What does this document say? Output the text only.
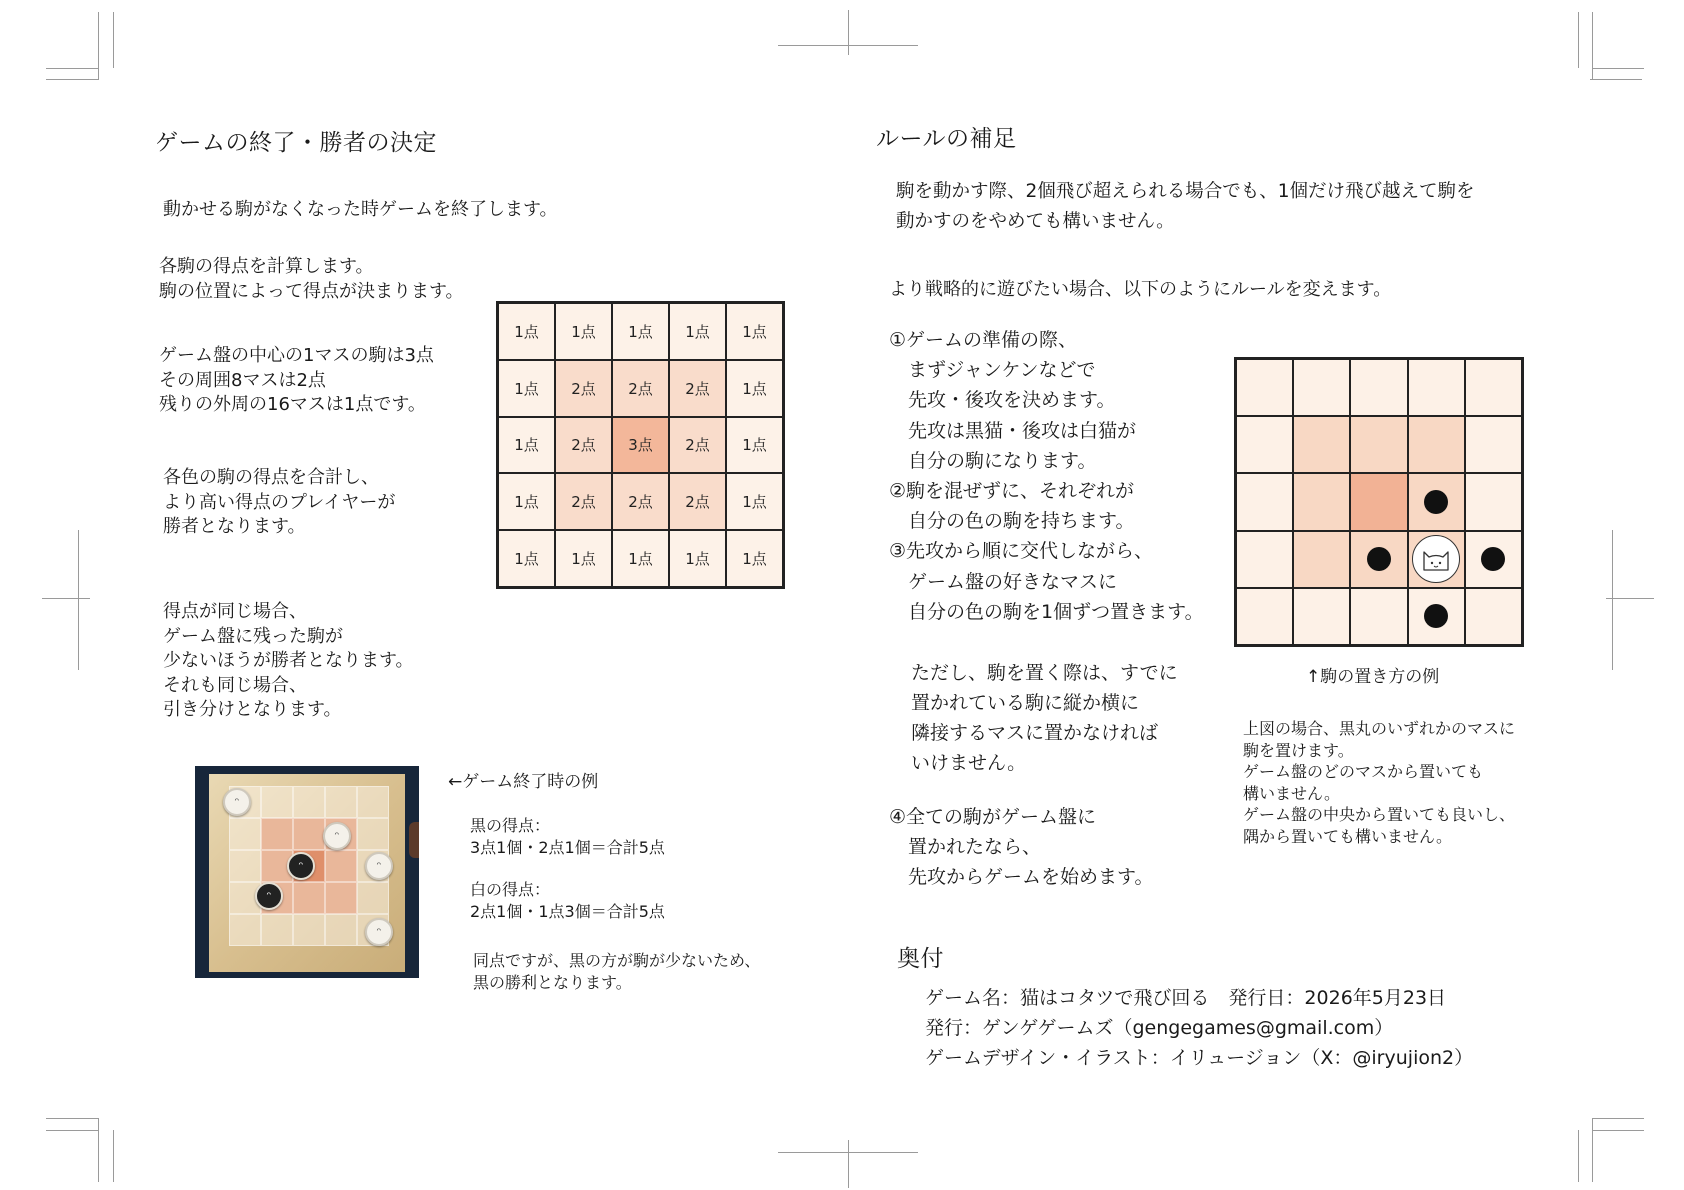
ゲームの終了・勝者の決定
動かせる駒がなくなった時ゲームを終了します。
各駒の得点を計算します。
駒の位置によって得点が決まります。
ゲーム盤の中心の1マスの駒は3点
その周囲8マスは2点
残りの外周の16マスは1点です。
各色の駒の得点を合計し、
より高い得点のプレイヤーが
勝者となります。
得点が同じ場合、
ゲーム盤に残った駒が
少ないほうが勝者となります。
それも同じ場合、
引き分けとなります。
1点	1点	1点	1点	1点
1点	2点	2点	2点	1点
1点	2点	3点	2点	1点
1点	2点	2点	2点	1点
1点	1点	1点	1点	1点
ᵔ
ᵔ
ᵔ	ᵔ
ᵔ
ᵔ
←ゲーム終了時の例
黒の得点：
3点1個・2点1個＝合計5点
白の得点：
2点1個・1点3個＝合計5点
同点ですが、黒の方が駒が少ないため、
黒の勝利となります。
ルールの補足
駒を動かす際、2個飛び超えられる場合でも、1個だけ飛び越えて駒を
動かすのをやめても構いません。
より戦略的に遊びたい場合、以下のようにルールを変えます。
①ゲームの準備の際、
　まずジャンケンなどで
　先攻・後攻を決めます。
　先攻は黒猫・後攻は白猫が
　自分の駒になります。
②駒を混ぜずに、それぞれが
　自分の色の駒を持ちます。
③先攻から順に交代しながら、
　ゲーム盤の好きなマスに
　自分の色の駒を1個ずつ置きます。
ただし、駒を置く際は、すでに
置かれている駒に縦か横に
隣接するマスに置かなければ
いけません。
④全ての駒がゲーム盤に
　置かれたなら、
　先攻からゲームを始めます。
↑駒の置き方の例
上図の場合、黒丸のいずれかのマスに
駒を置けます。
ゲーム盤のどのマスから置いても
構いません。
ゲーム盤の中央から置いても良いし、
隅から置いても構いません。
奥付
ゲーム名：猫はコタツで飛び回る　発行日：2026年5月23日
発行：ゲンゲゲームズ（gengegames@gmail.com）
ゲームデザイン・イラスト：イリュージョン（X：@iryujion2）
